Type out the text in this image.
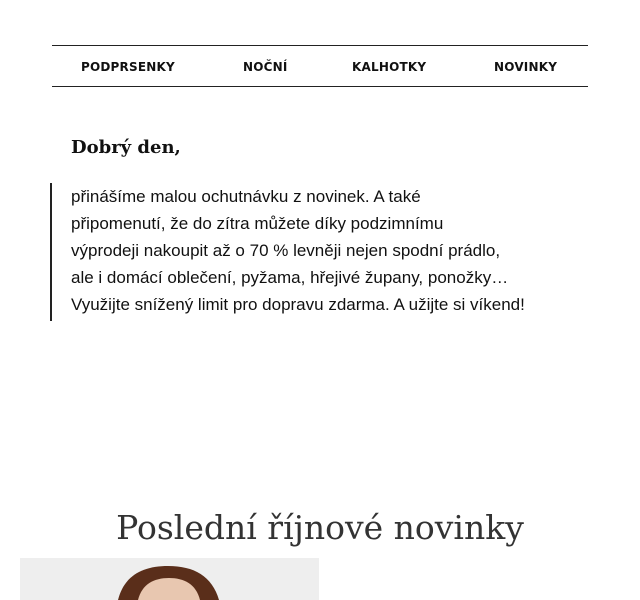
PODPRSENKY	NOČNÍ	KALHOTKY	NOVINKY
Dobrý den,

přinášíme malou ochutnávku z novinek. A také

připomenutí, že do zítra můžete díky podzimnímu

výprodeji nakoupit až o 70 % levněji nejen spodní prádlo,

ale i domácí oblečení, pyžama, hřejivé župany, ponožky…

Využijte snížený limit pro dopravu zdarma. A užijte si víkend!

Poslední říjnové novinky
